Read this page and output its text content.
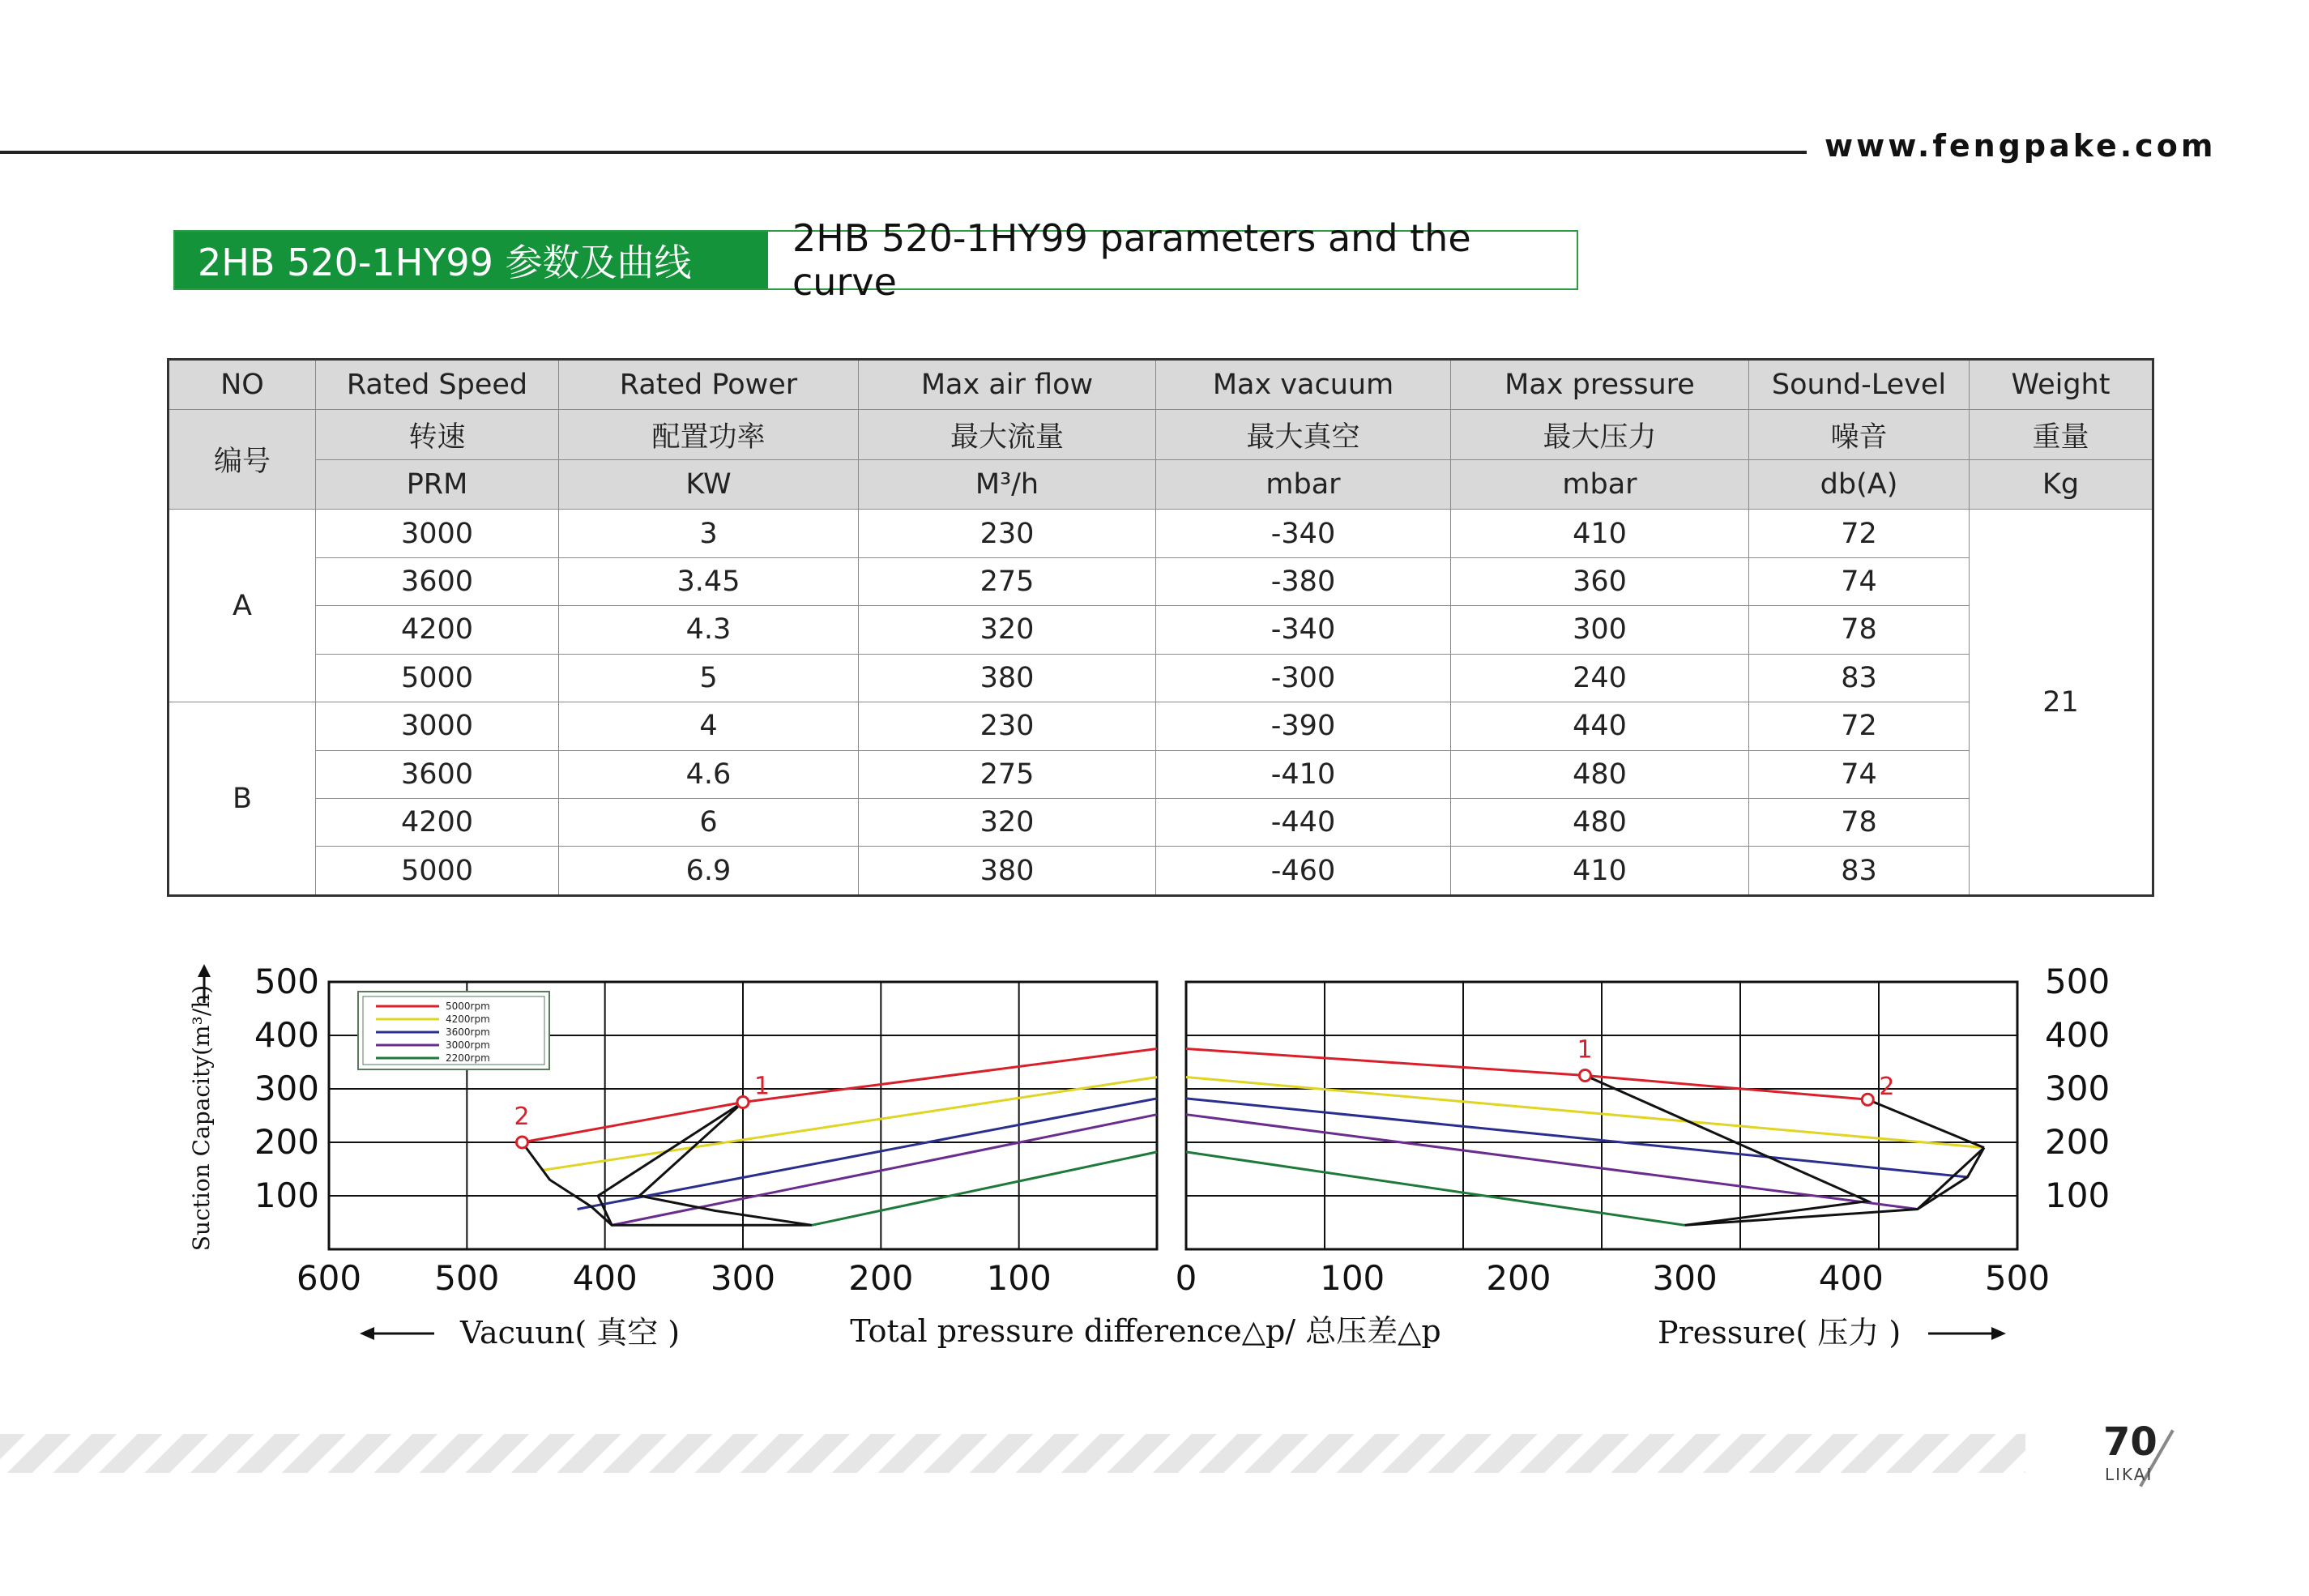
www.fengpake.com
2HB 520-1HY99 参数及曲线
2HB 520-1HY99 parameters and the curve
NO	Rated Speed	Rated Power	Max air flow	Max vacuum	Max pressure	Sound-Level	Weight
编号	转速	配置功率	最大流量	最大真空	最大压力	噪音	重量
	PRM	KW	M³/h	mbar	mbar	db(A)	Kg
A	3000	3	230	-340	410	72	21
	3600	3.45	275	-380	360	74	
	4200	4.3	320	-340	300	78	
	5000	5	380	-300	240	83	
B	3000	4	230	-390	440	72	
	3600	4.6	275	-410	480	74	
	4200	6	320	-440	480	78	
	5000	6.9	380	-460	410	83	
1
2
1
2
5000rpm
4200rpm
3600rpm
3000rpm
2200rpm
100	100
200	200
300	300
400	400
500	500
600 500 400 300 200 100	0	100	200	300	400	500
Suction Capacity(m³/h)
Total pressure difference△p/ 总压差△p
Vacuun( 真空 )	Pressure( 压力 )
70
LIKAI
